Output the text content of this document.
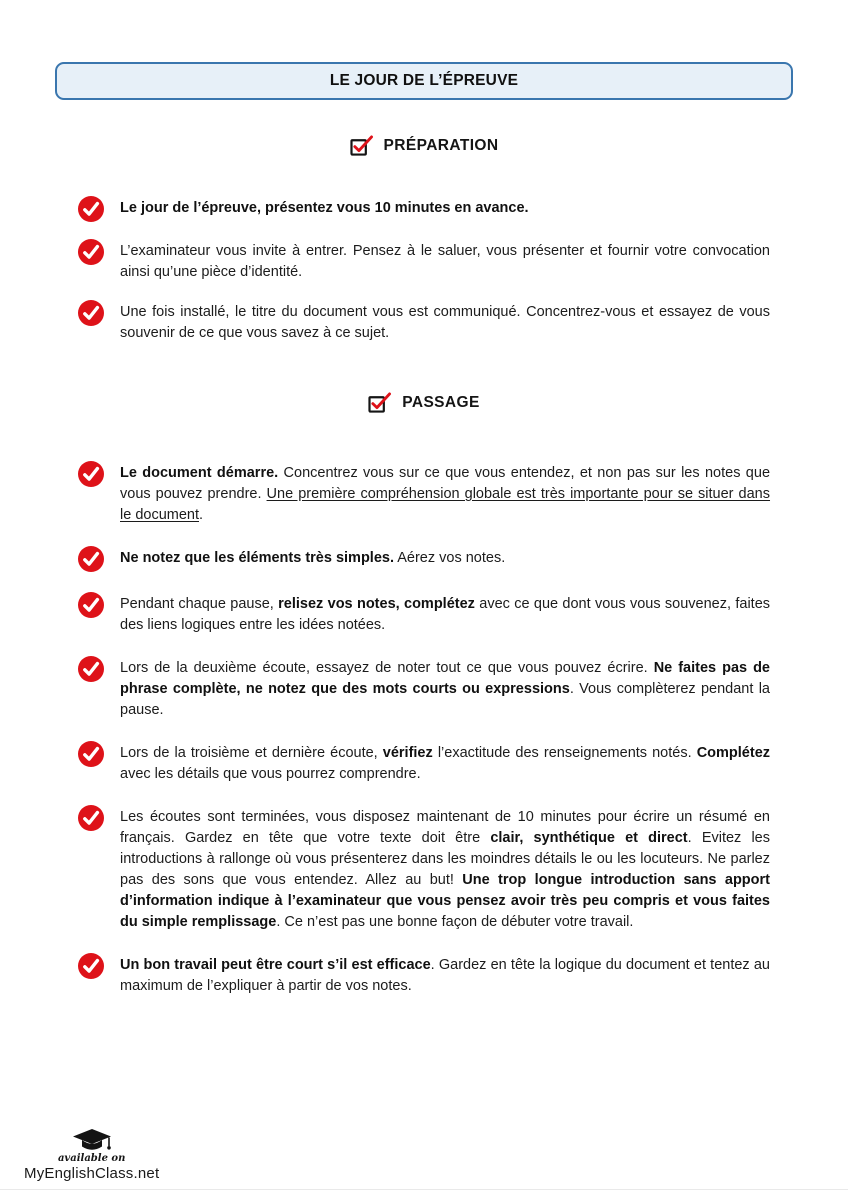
LE JOUR DE L’ÉPREUVE
PRÉPARATION

Le jour de l’épreuve, présentez vous 10 minutes en avance.

L’examinateur vous invite à entrer. Pensez à le saluer, vous présenter et fournir votre convocation ainsi qu’une pièce d’identité.

Une fois installé, le titre du document vous est communiqué. Concentrez-vous et essayez de vous souvenir de ce que vous savez à ce sujet.

PASSAGE

Le document démarre. Concentrez vous sur ce que vous entendez, et non pas sur les notes que vous pouvez prendre. Une première compréhension globale est très importante pour se situer dans le document.

Ne notez que les éléments très simples. Aérez vos notes.

Pendant chaque pause, relisez vos notes, complétez avec ce que dont vous vous souvenez, faites des liens logiques entre les idées notées.

Lors de la deuxième écoute, essayez de noter tout ce que vous pouvez écrire. Ne faites pas de phrase complète, ne notez que des mots courts ou expressions. Vous complèterez pendant la pause.

Lors de la troisième et dernière écoute, vérifiez l’exactitude des renseignements notés. Complétez avec les détails que vous pourrez comprendre.

Les écoutes sont terminées, vous disposez maintenant de 10 minutes pour écrire un résumé en français. Gardez en tête que votre texte doit être clair, synthétique et direct. Evitez les introductions à rallonge où vous présenterez dans les moindres détails le ou les locuteurs. Ne parlez pas des sons que vous entendez. Allez au but! Une trop longue introduction sans apport d’information indique à l’examinateur que vous pensez avoir très peu compris et vous faites du simple remplissage. Ce n’est pas une bonne façon de débuter votre travail.

Un bon travail peut être court s’il est efficace. Gardez en tête la logique du document et tentez au maximum de l’expliquer à partir de vos notes.

available on
MyEnglishClass.net
